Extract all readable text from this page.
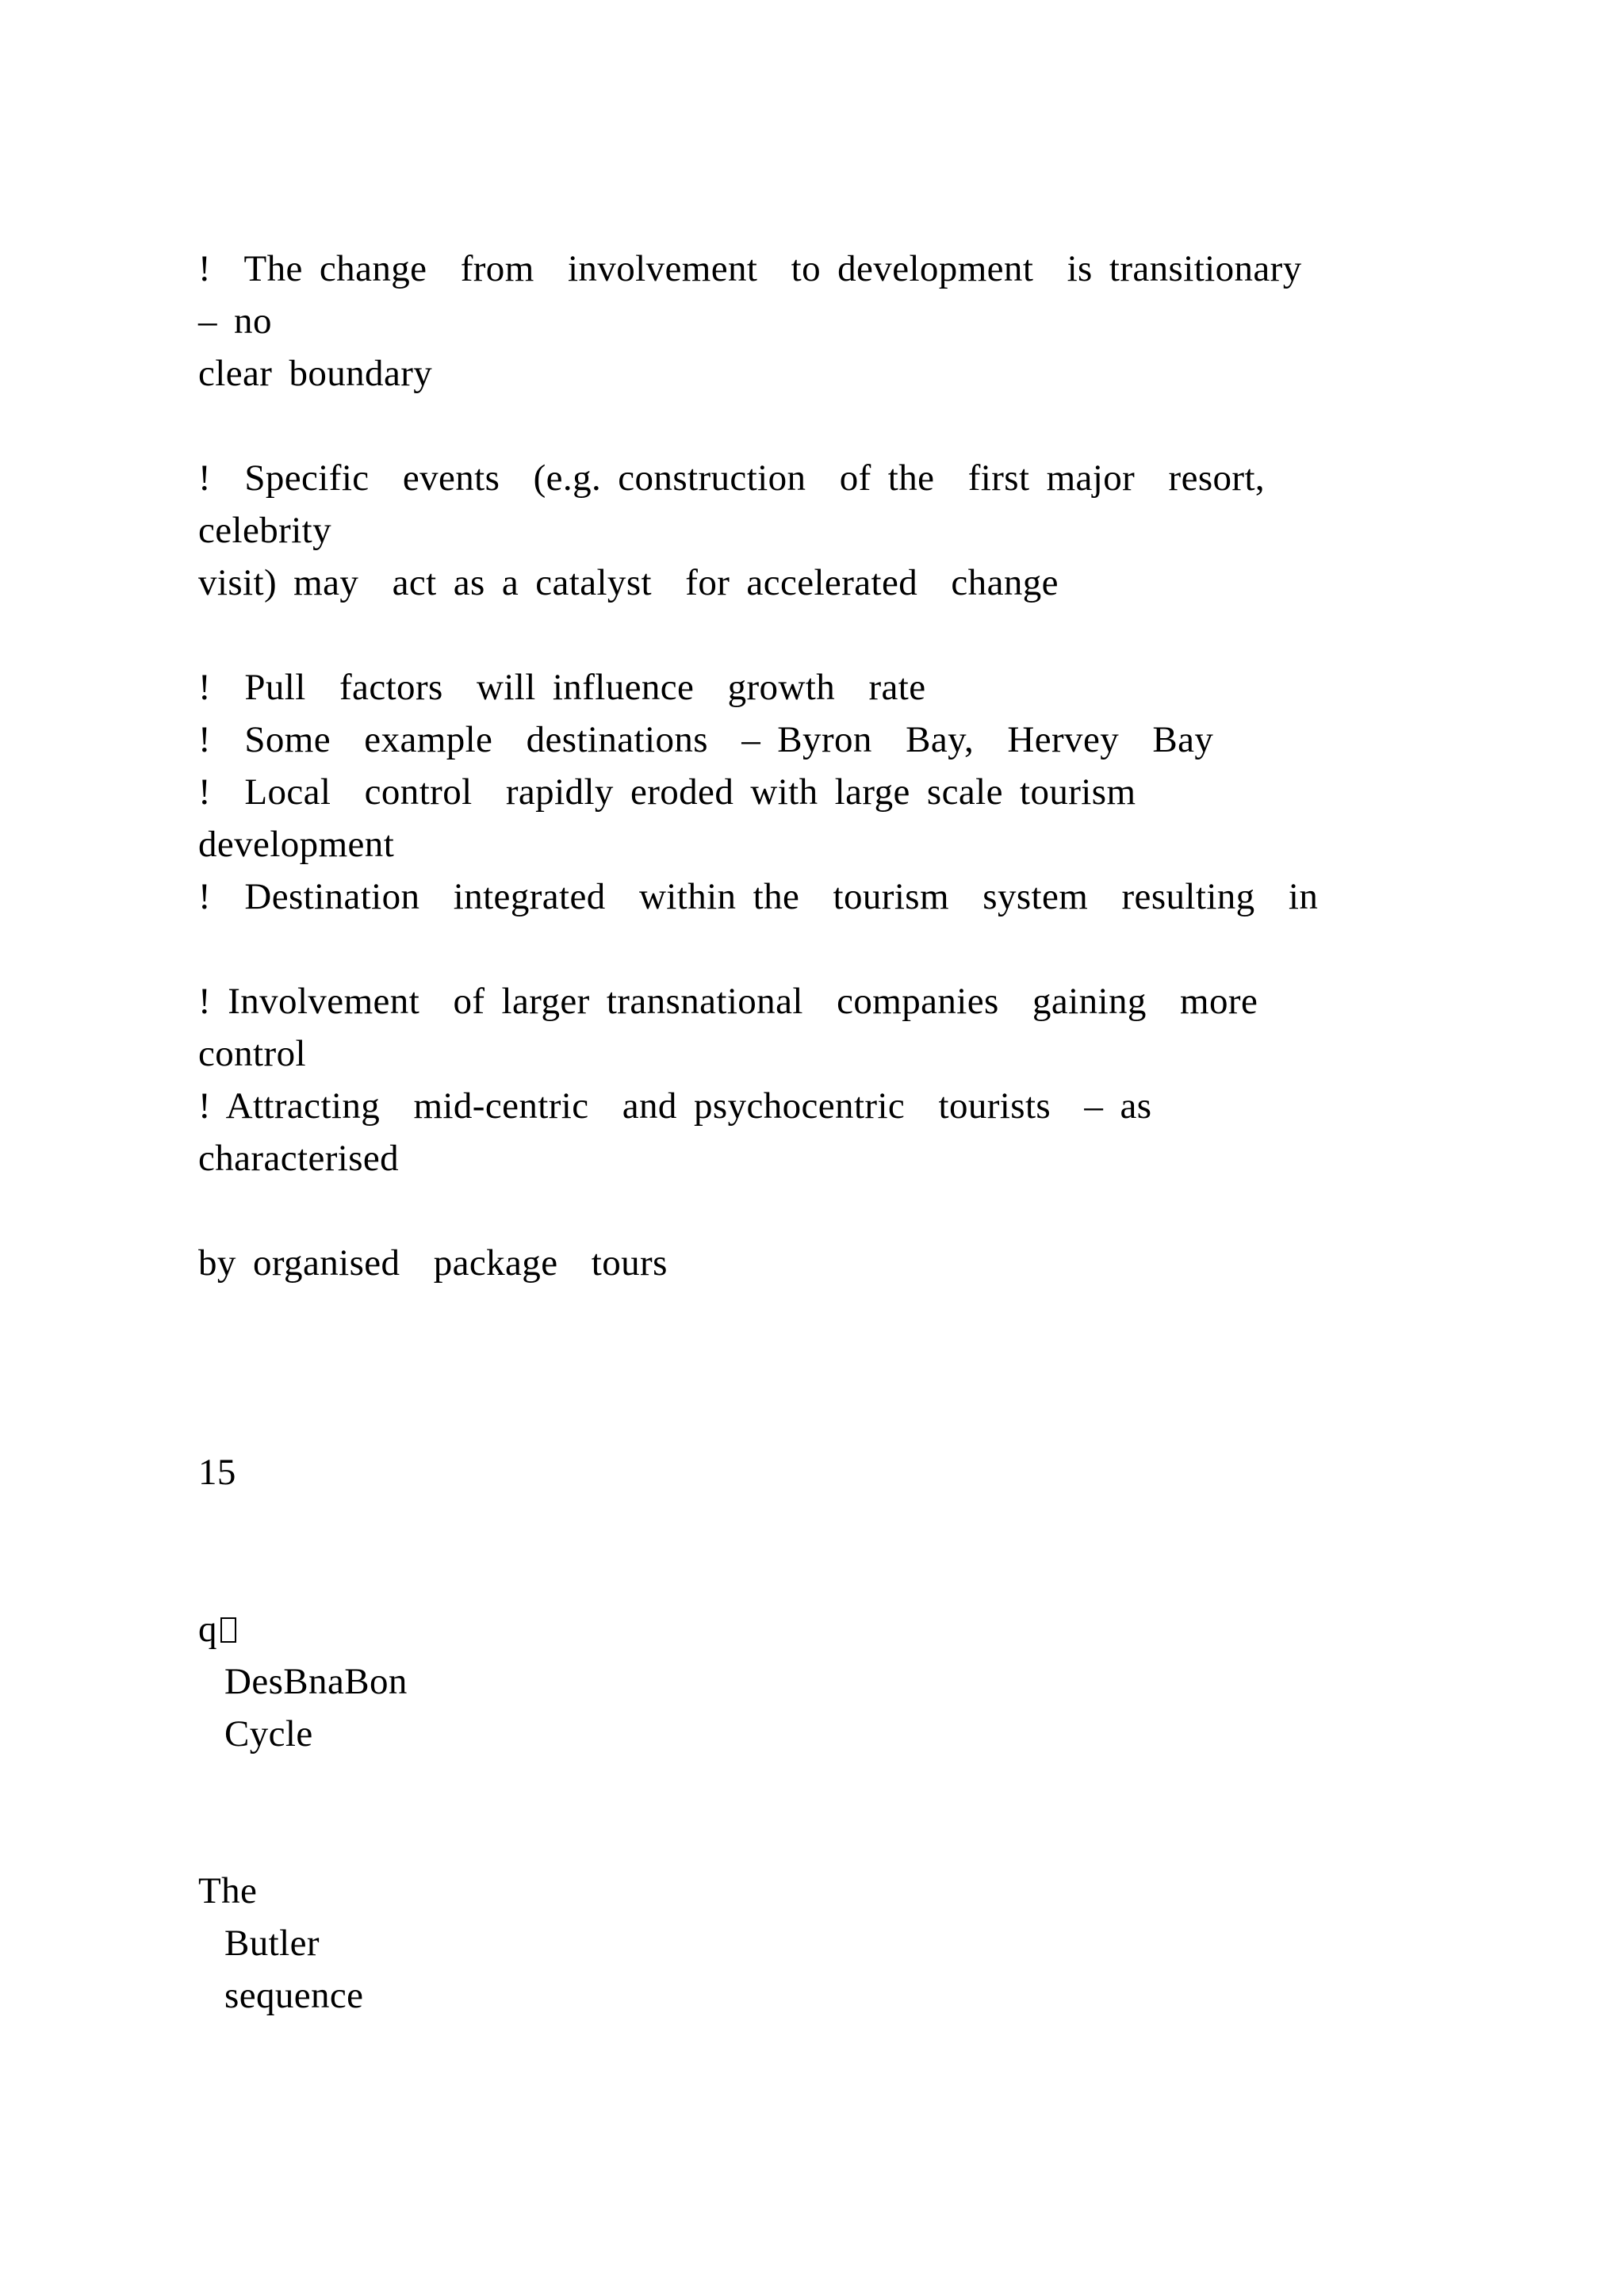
!  The change  from  involvement  to development  is transitionary
– no
clear boundary
!  Specific  events  (e.g. construction  of the  first major  resort,
celebrity
visit) may  act as a catalyst  for accelerated  change
!  Pull  factors  will influence  growth  rate
!  Some  example  destinations  – Byron  Bay,  Hervey  Bay
!  Local  control  rapidly eroded with large scale tourism
development
!  Destination  integrated  within the  tourism  system  resulting  in
! Involvement  of larger transnational  companies  gaining  more
control
! Attracting  mid-centric  and psychocentric  tourists  – as
characterised
by organised  package  tours
15
q
DesBnaBon
Cycle
The
Butler
sequence
